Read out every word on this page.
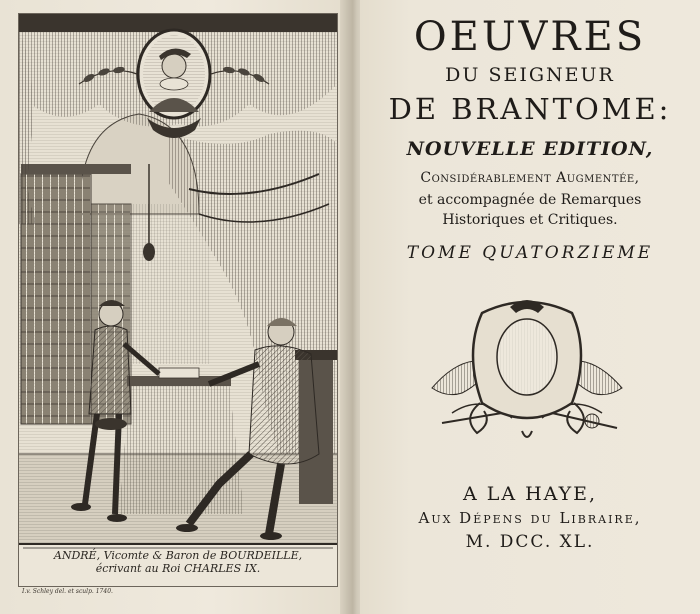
ANDRÉ, Vicomte & Baron de BOURDEILLE,
écrivant au Roi CHARLES IX.
I.v. Schley del. et sculp. 1740.
OEUVRES
DU SEIGNEUR
DE BRANTOME:
NOUVELLE EDITION,
Considérablement Augmentée,
et accompagnée de Remarques
Historiques et Critiques.
TOME QUATORZIEME
A LA HAYE,
Aux Dépens du Libraire,
M. DCC. XL.
